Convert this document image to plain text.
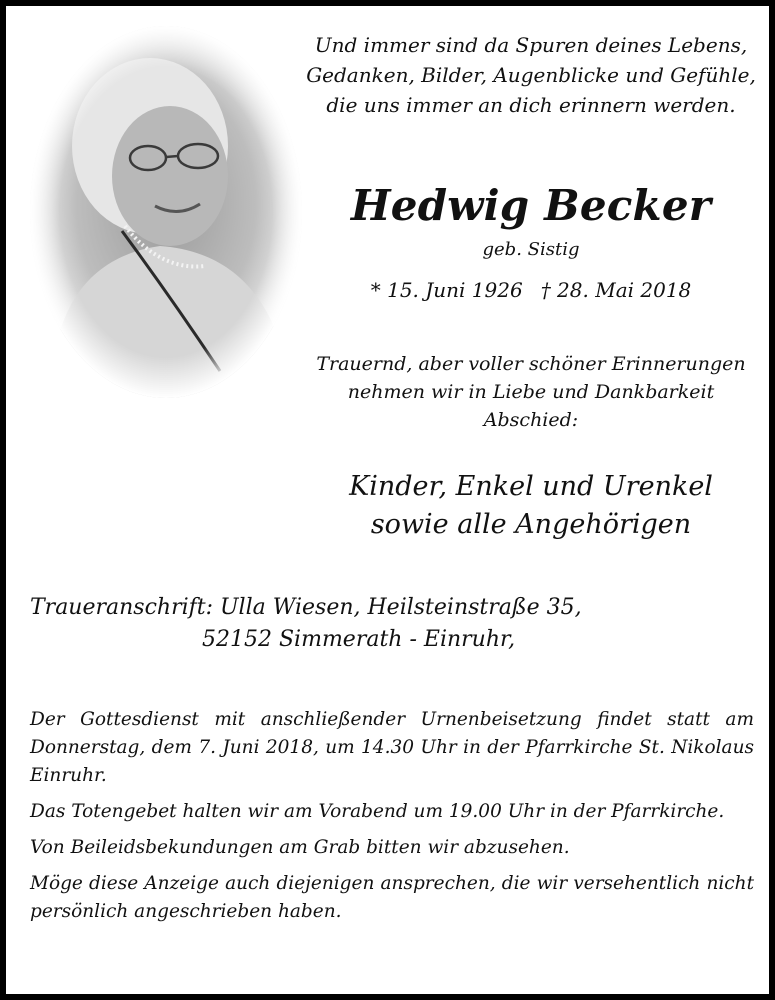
Und immer sind da Spuren deines Lebens,
Gedanken, Bilder, Augenblicke und Gefühle,
die uns immer an dich erinnern werden.
Hedwig Becker
geb. Sistig
* 15. Juni 1926 † 28. Mai 2018
Trauernd, aber voller schöner Erinnerungen
nehmen wir in Liebe und Dankbarkeit
Abschied:
Kinder, Enkel und Urenkel
sowie alle Angehörigen
Traueranschrift: Ulla Wiesen, Heilsteinstraße 35,
52152 Simmerath - Einruhr,

Der Gottesdienst mit anschließender Urnenbeisetzung findet statt am Donnerstag, dem 7. Juni 2018, um 14.30 Uhr in der Pfarrkirche St. Nikolaus Einruhr.

Das Totengebet halten wir am Vorabend um 19.00 Uhr in der Pfarrkirche.

Von Beileidsbekundungen am Grab bitten wir abzusehen.

Möge diese Anzeige auch diejenigen ansprechen, die wir versehentlich nicht persönlich angeschrieben haben.
